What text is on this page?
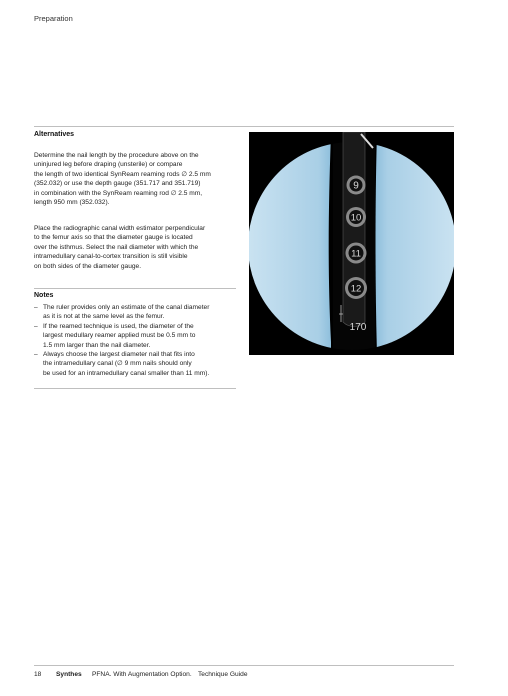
Preparation
Alternatives
Determine the nail length by the procedure above on the
uninjured leg before draping (unsterile) or compare
the length of two identical SynReam reaming rods ∅ 2.5 mm
(352.032) or use the depth gauge (351.717 and 351.719)
in combination with the SynReam reaming rod ∅ 2.5 mm,
length 950 mm (352.032).
Place the radiographic canal width estimator perpendicular
to the femur axis so that the diameter gauge is located
over the isthmus. Select the nail diameter with which the
intramedullary canal-to-cortex transition is still visible
on both sides of the diameter gauge.
Notes
– The ruler provides only an estimate of the canal diameter
as it is not at the same level as the femur.
– If the reamed technique is used, the diameter of the
largest medullary reamer applied must be 0.5 mm to
1.5 mm larger than the nail diameter.
– Always choose the largest diameter nail that fits into
the intramedullary canal (∅ 9 mm nails should only
be used for an intramedullary canal smaller than 11 mm).
9
10
11
12
170
18 Synthes PFNA. With Augmentation Option. Technique Guide
